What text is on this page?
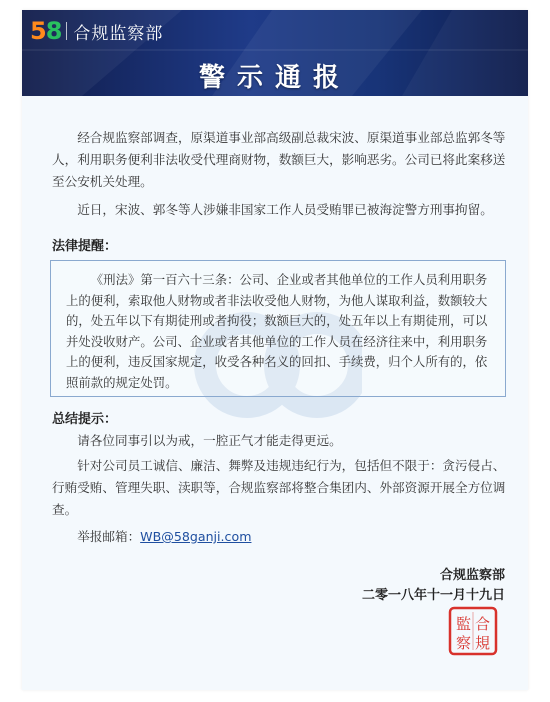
58 合规监察部
警示通报
经合规监察部调查，原渠道事业部高级副总裁宋波、原渠道事业部总监郭冬等人，利用职务便利非法收受代理商财物，数额巨大，影响恶劣。公司已将此案移送至公安机关处理。
近日，宋波、郭冬等人涉嫌非国家工作人员受贿罪已被海淀警方刑事拘留。
法律提醒：
《刑法》第一百六十三条：公司、企业或者其他单位的工作人员利用职务上的便利，索取他人财物或者非法收受他人财物，为他人谋取利益，数额较大的，处五年以下有期徒刑或者拘役；数额巨大的，处五年以上有期徒刑，可以并处没收财产。公司、企业或者其他单位的工作人员在经济往来中，利用职务上的便利，违反国家规定，收受各种名义的回扣、手续费，归个人所有的，依照前款的规定处罚。
总结提示：
请各位同事引以为戒，一腔正气才能走得更远。
针对公司员工诚信、廉洁、舞弊及违规违纪行为，包括但不限于：贪污侵占、行贿受贿、管理失职、渎职等，合规监察部将整合集团内、外部资源开展全方位调查。
举报邮箱：WB@58ganji.com
合规监察部
二零一八年十一月十九日
監 合
察 規
